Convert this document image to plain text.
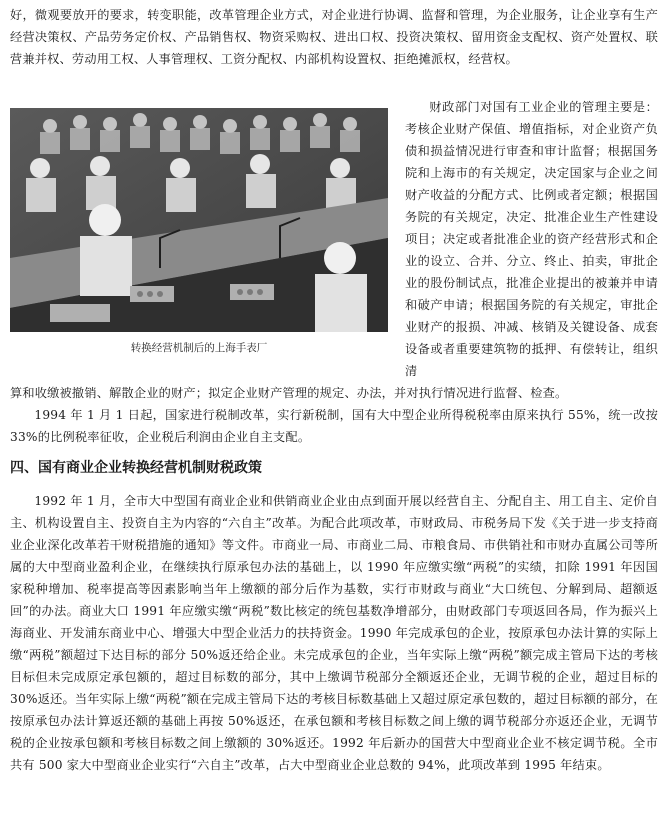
好，微观要放开的要求，转变职能，改革管理企业方式，对企业进行协调、监督和管理，为企业服务，让企业享有生产经营决策权、产品劳务定价权、产品销售权、物资采购权、进出口权、投资决策权、留用资金支配权、资产处置权、联营兼并权、劳动用工权、人事管理权、工资分配权、内部机构设置权、拒绝摊派权，经营权。

转换经营机制后的上海手表厂

财政部门对国有工业企业的管理主要是：考核企业财产保值、增值指标，对企业资产负债和损益情况进行审查和审计监督；根据国务院和上海市的有关规定，决定国家与企业之间财产收益的分配方式、比例或者定额；根据国务院的有关规定，决定、批准企业生产性建设项目；决定或者批准企业的资产经营形式和企业的设立、合并、分立、终止、拍卖，审批企业的股份制试点，批准企业提出的被兼并申请和破产申请；根据国务院的有关规定，审批企业财产的报损、冲减、核销及关键设备、成套设备或者重要建筑物的抵押、有偿转让，组织清

算和收缴被撤销、解散企业的财产；拟定企业财产管理的规定、办法，并对执行情况进行监督、检查。

1994 年 1 月 1 日起，国家进行税制改革，实行新税制，国有大中型企业所得税税率由原来执行 55%，统一改按 33%的比例税率征收，企业税后利润由企业自主支配。

四、国有商业企业转换经营机制财税政策

1992 年 1 月，全市大中型国有商业企业和供销商业企业由点到面开展以经营自主、分配自主、用工自主、定价自主、机构设置自主、投资自主为内容的“六自主”改革。为配合此项改革，市财政局、市税务局下发《关于进一步支持商业企业深化改革若干财税措施的通知》等文件。市商业一局、市商业二局、市粮食局、市供销社和市财办直属公司等所属的大中型商业盈利企业，在继续执行原承包办法的基础上，以 1990 年应缴实缴“两税”的实绩，扣除 1991 年因国家税种增加、税率提高等因素影响当年上缴额的部分后作为基数，实行市财政与商业“大口统包、分解到局、超额返回”的办法。商业大口 1991 年应缴实缴“两税”数比核定的统包基数净增部分，由财政部门专项返回各局，作为振兴上海商业、开发浦东商业中心、增强大中型企业活力的扶持资金。1990 年完成承包的企业，按原承包办法计算的实际上缴“两税”额超过下达目标的部分 50%返还给企业。未完成承包的企业，当年实际上缴“两税”额完成主管局下达的考核目标但未完成原定承包额的，超过目标数的部分，其中上缴调节税部分全额返还企业，无调节税的企业，超过目标的 30%返还。当年实际上缴“两税”额在完成主管局下达的考核目标数基础上又超过原定承包数的，超过目标额的部分，在按原承包办法计算返还额的基础上再按 50%返还，在承包额和考核目标数之间上缴的调节税部分亦返还企业，无调节税的企业按承包额和考核目标数之间上缴额的 30%返还。1992 年后新办的国营大中型商业企业不核定调节税。全市共有 500 家大中型商业企业实行“六自主”改革，占大中型商业企业总数的 94%，此项改革到 1995 年结束。
